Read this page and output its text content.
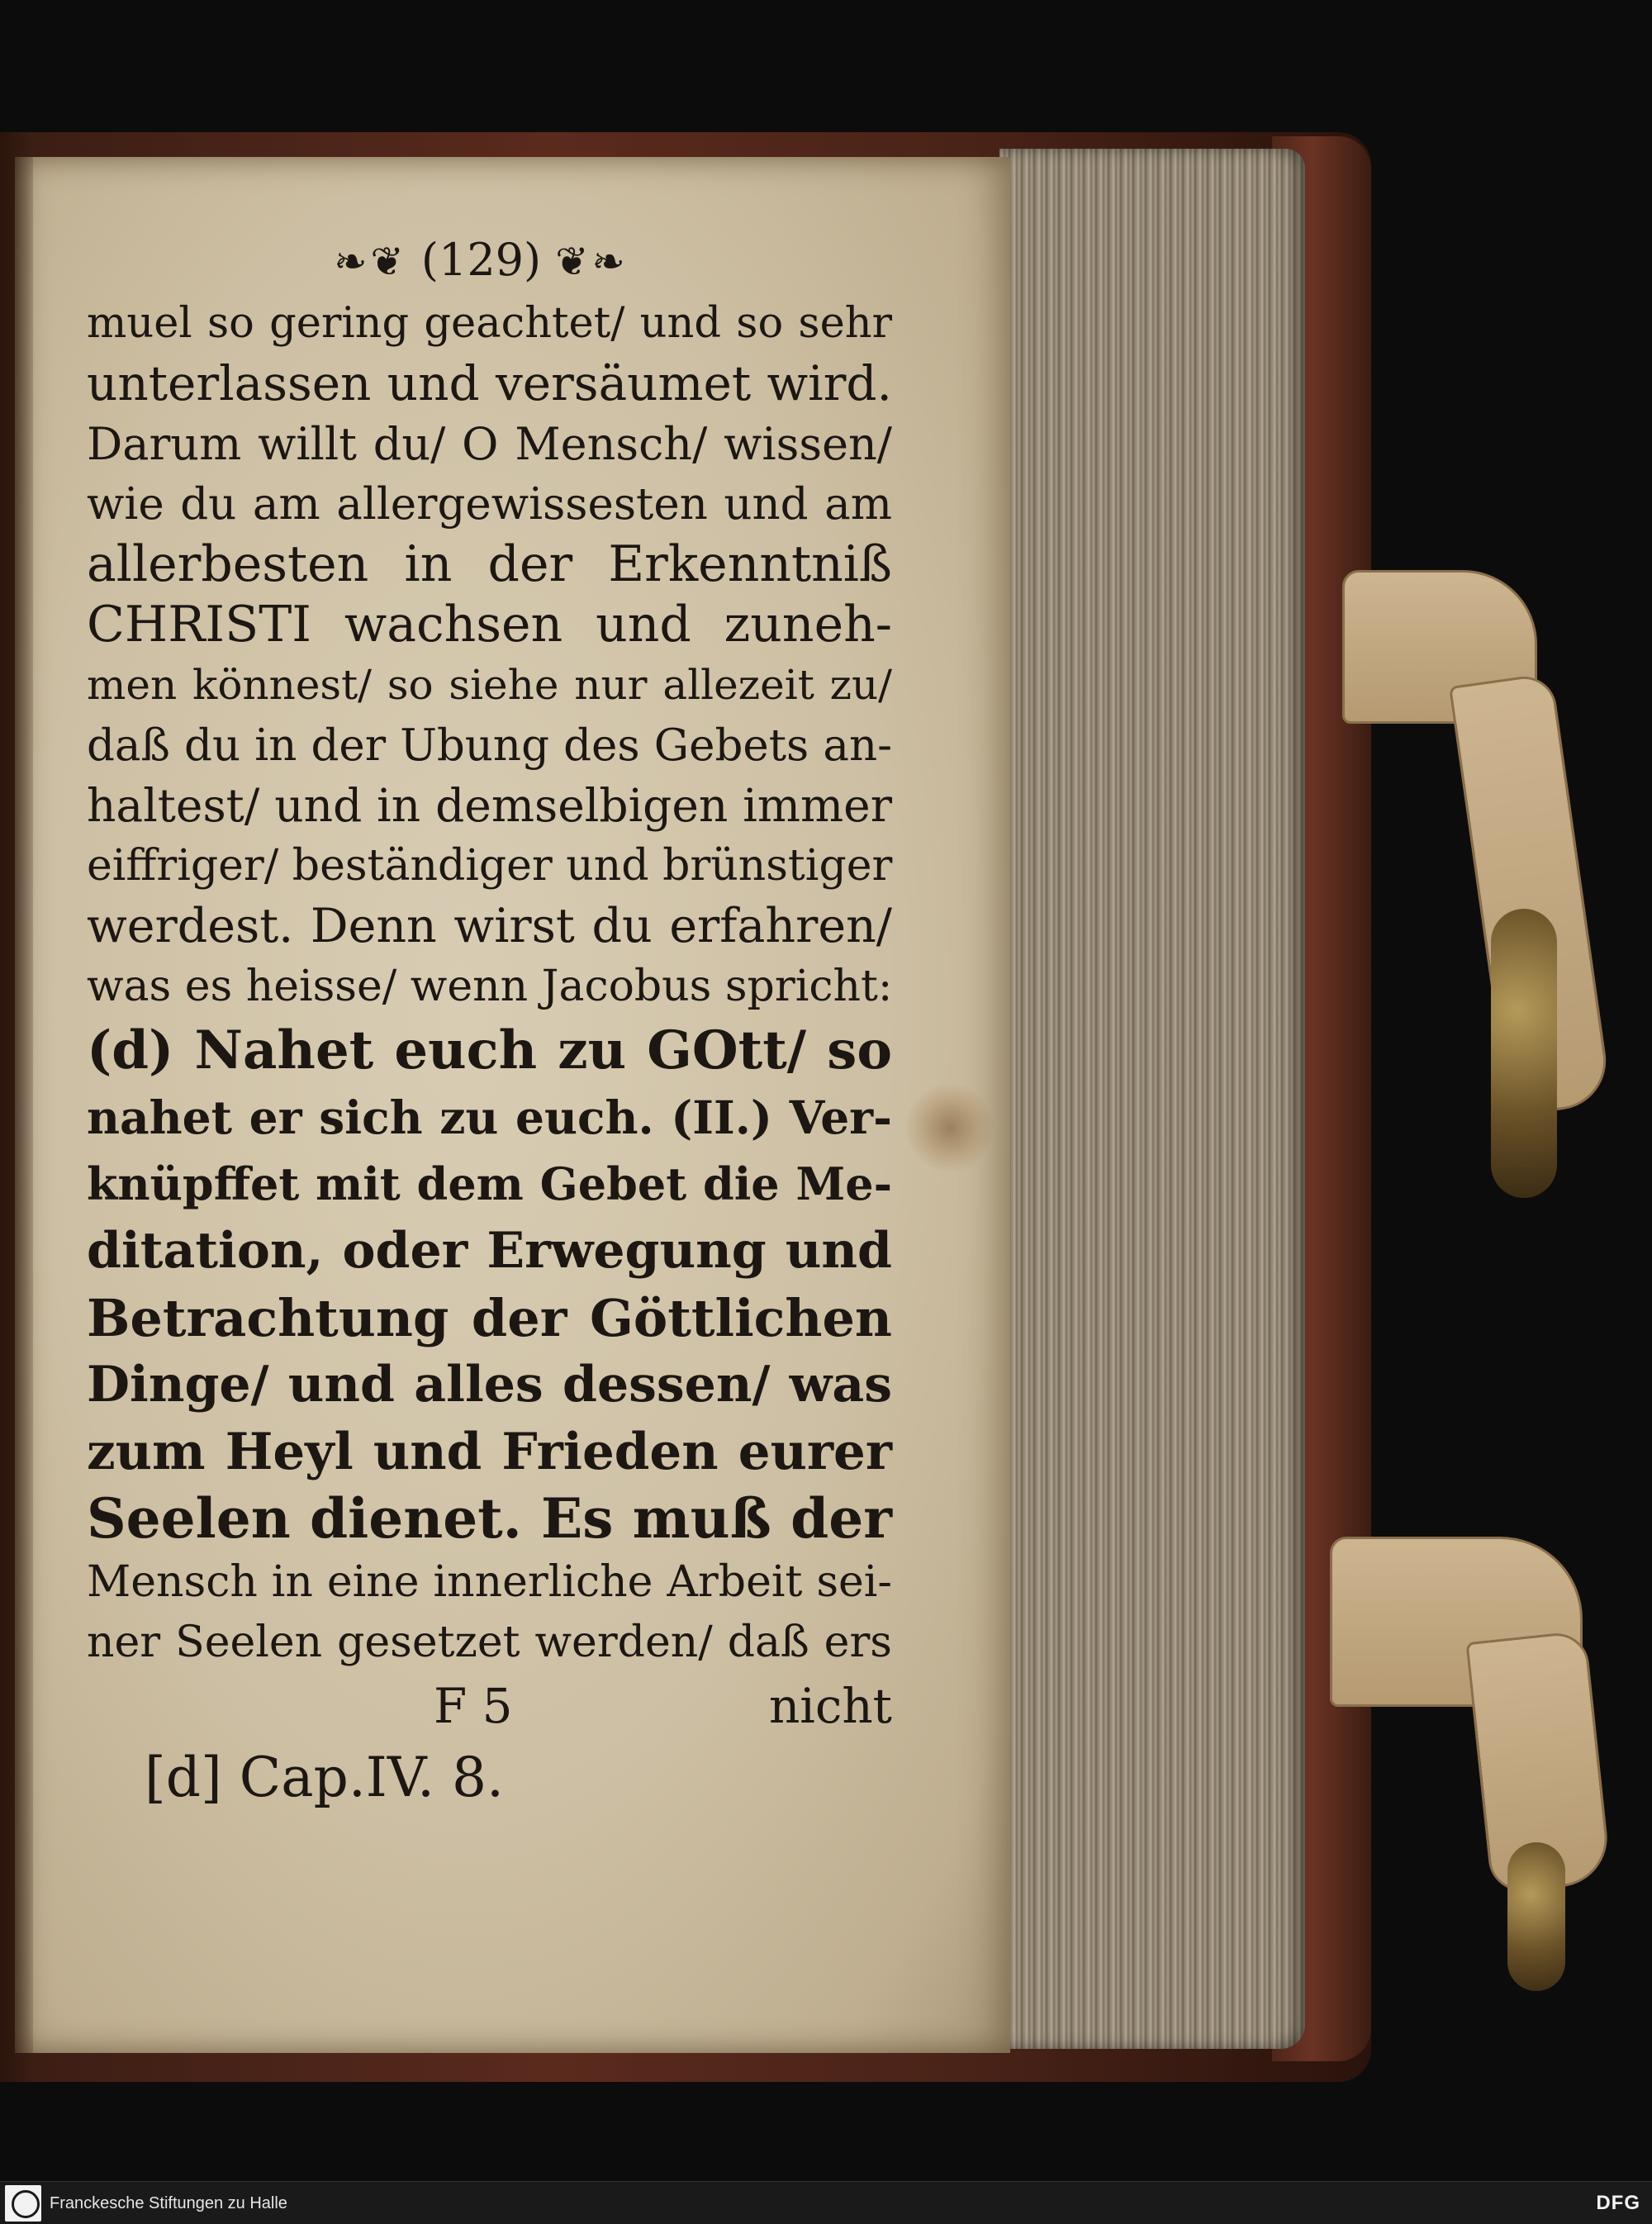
❧❦ (129) ❦❧
muel so gering geachtet/ und so sehr
unterlassen und versäumet wird.
Darum willt du/ O Mensch/ wissen/
wie du am allergewissesten und am
allerbesten in der Erkenntniß
CHRISTI wachsen und zuneh-
men könnest/ so siehe nur allezeit zu/
daß du in der Ubung des Gebets an-
haltest/ und in demselbigen immer
eiffriger/ beständiger und brünstiger
werdest. Denn wirst du erfahren/
was es heisse/ wenn Jacobus spricht:
(d) Nahet euch zu GOtt/ so
nahet er sich zu euch. (II.) Ver-
knüpffet mit dem Gebet die Me-
ditation, oder Erwegung und
Betrachtung der Göttlichen
Dinge/ und alles dessen/ was
zum Heyl und Frieden eurer
Seelen dienet. Es muß der
Mensch in eine innerliche Arbeit sei-
ner Seelen gesetzet werden/ daß ers
F 5	nicht
[d] Cap.IV. 8.
Franckesche Stiftungen zu Halle	DFG
